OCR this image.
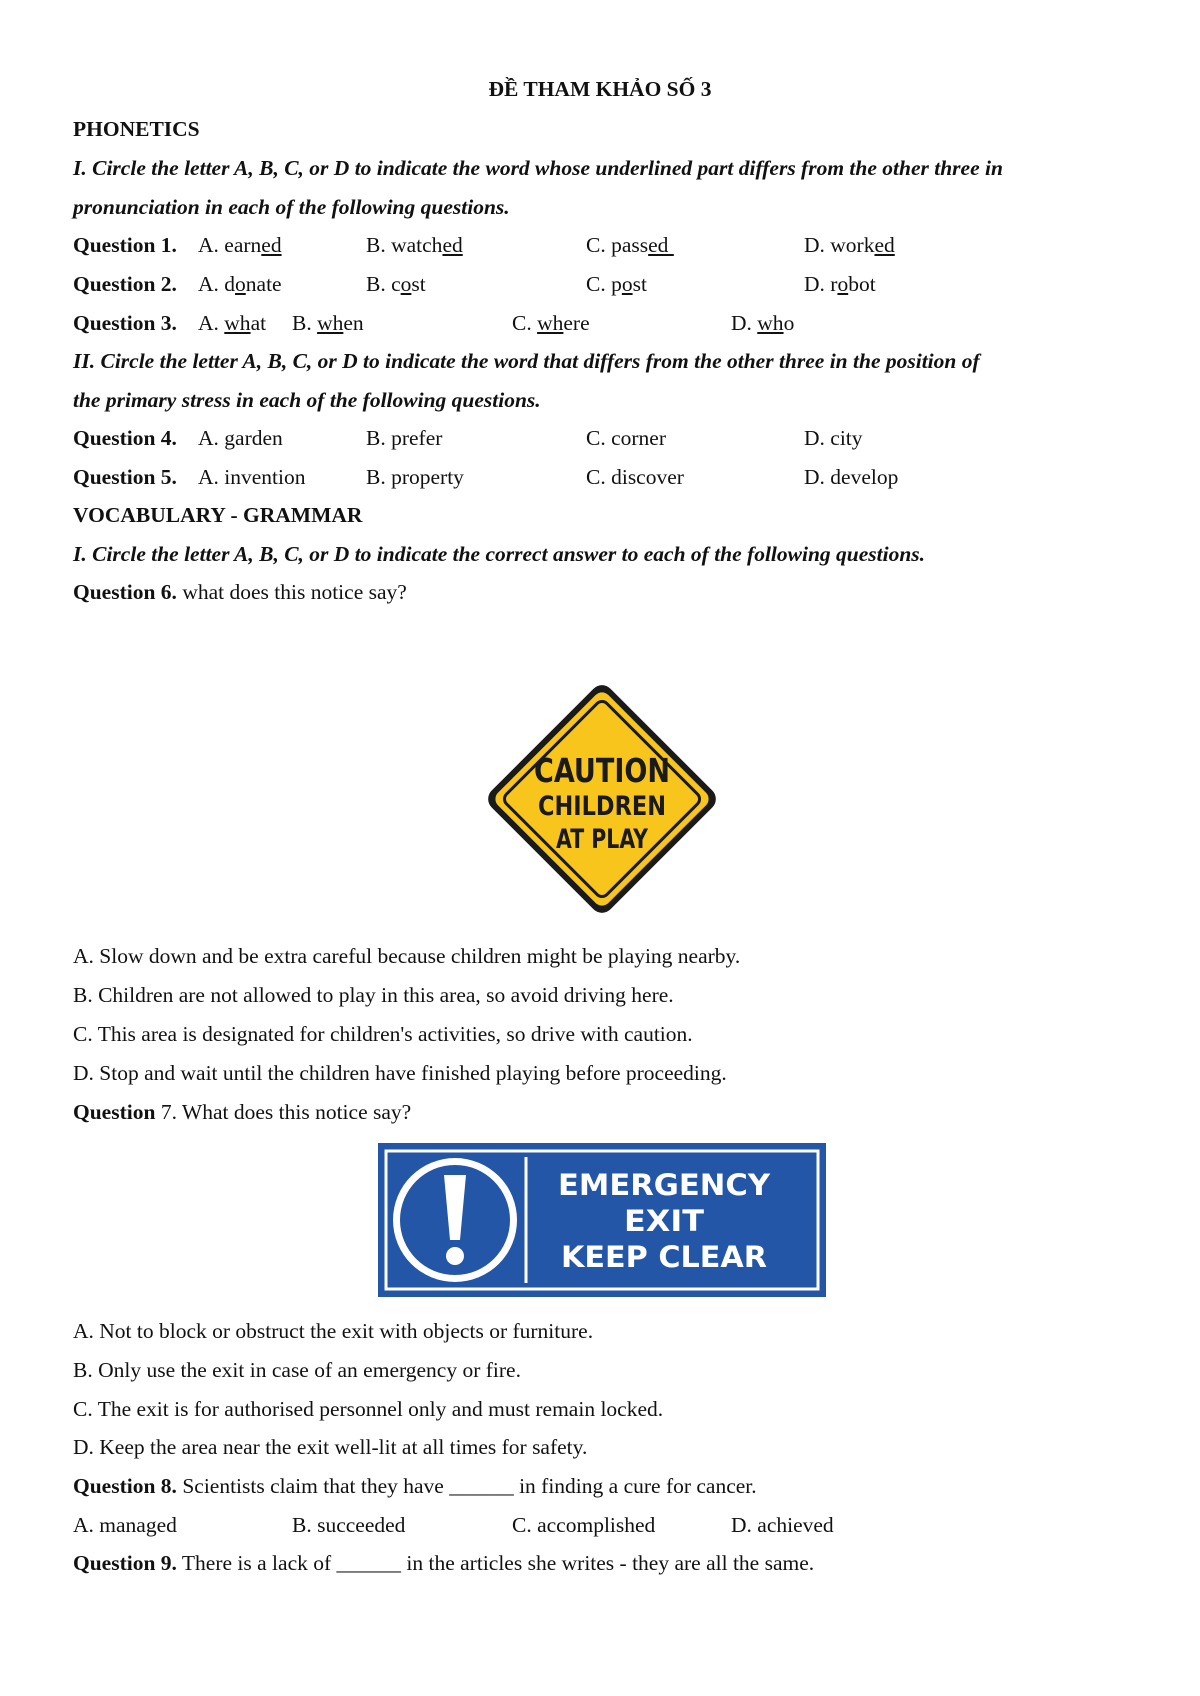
ĐỀ THAM KHẢO SỐ 3
PHONETICS
I. Circle the letter A, B, C, or D to indicate the word whose underlined part differs from the other three in
pronunciation in each of the following questions.
Question 1. A. earned	B. watched	C. passed	D. worked
Question 2. A. donate	B. cost	C. post	D. robot
Question 3. A. what B. when	C. where	D. who
II. Circle the letter A, B, C, or D to indicate the word that differs from the other three in the position of
the primary stress in each of the following questions.
Question 4. A. garden	B. prefer	C. corner	D. city
Question 5. A. invention	B. property	C. discover	D. develop
VOCABULARY - GRAMMAR
I. Circle the letter A, B, C, or D to indicate the correct answer to each of the following questions.
Question 6. what does this notice say?
CAUTION
CHILDREN
AT PLAY
A. Slow down and be extra careful because children might be playing nearby.
B. Children are not allowed to play in this area, so avoid driving here.
C. This area is designated for children's activities, so drive with caution.
D. Stop and wait until the children have finished playing before proceeding.
Question 7. What does this notice say?
EMERGENCY
EXIT
KEEP CLEAR
A. Not to block or obstruct the exit with objects or furniture.
B. Only use the exit in case of an emergency or fire.
C. The exit is for authorised personnel only and must remain locked.
D. Keep the area near the exit well-lit at all times for safety.
Question 8. Scientists claim that they have ______ in finding a cure for cancer.
A. managed	B. succeeded	C. accomplished	D. achieved
Question 9. There is a lack of ______ in the articles she writes - they are all the same.
